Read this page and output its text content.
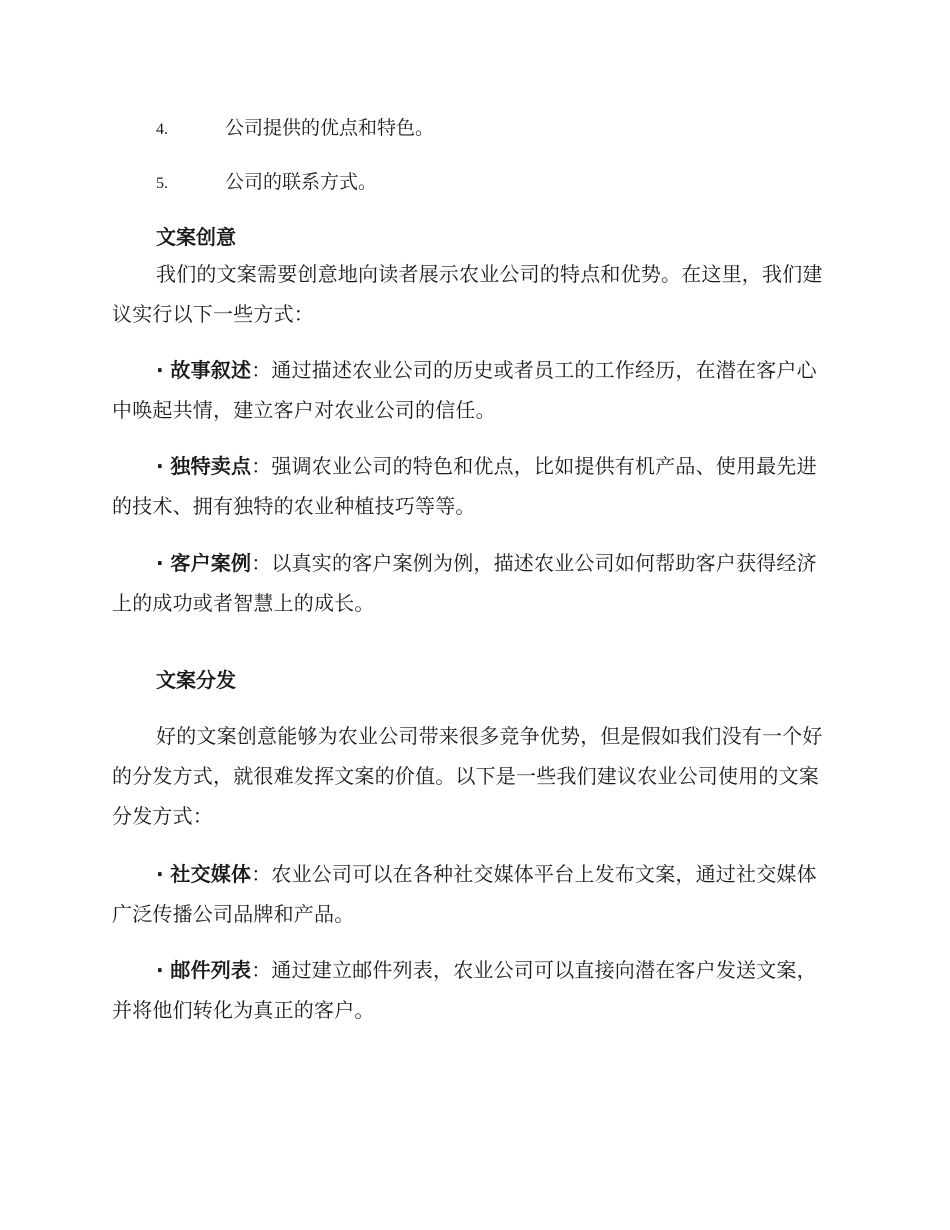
4.	公司提供的优点和特色。
5.	公司的联系方式。
文案创意

我们的文案需要创意地向读者展示农业公司的特点和优势。在这里，我们建议实行以下一些方式：

· 故事叙述：通过描述农业公司的历史或者员工的工作经历，在潜在客户心中唤起共情，建立客户对农业公司的信任。

· 独特卖点：强调农业公司的特色和优点，比如提供有机产品、使用最先进的技术、拥有独特的农业种植技巧等等。

· 客户案例：以真实的客户案例为例，描述农业公司如何帮助客户获得经济上的成功或者智慧上的成长。

文案分发

好的文案创意能够为农业公司带来很多竞争优势，但是假如我们没有一个好的分发方式，就很难发挥文案的价值。以下是一些我们建议农业公司使用的文案分发方式：

· 社交媒体：农业公司可以在各种社交媒体平台上发布文案，通过社交媒体广泛传播公司品牌和产品。

· 邮件列表：通过建立邮件列表，农业公司可以直接向潜在客户发送文案，并将他们转化为真正的客户。
